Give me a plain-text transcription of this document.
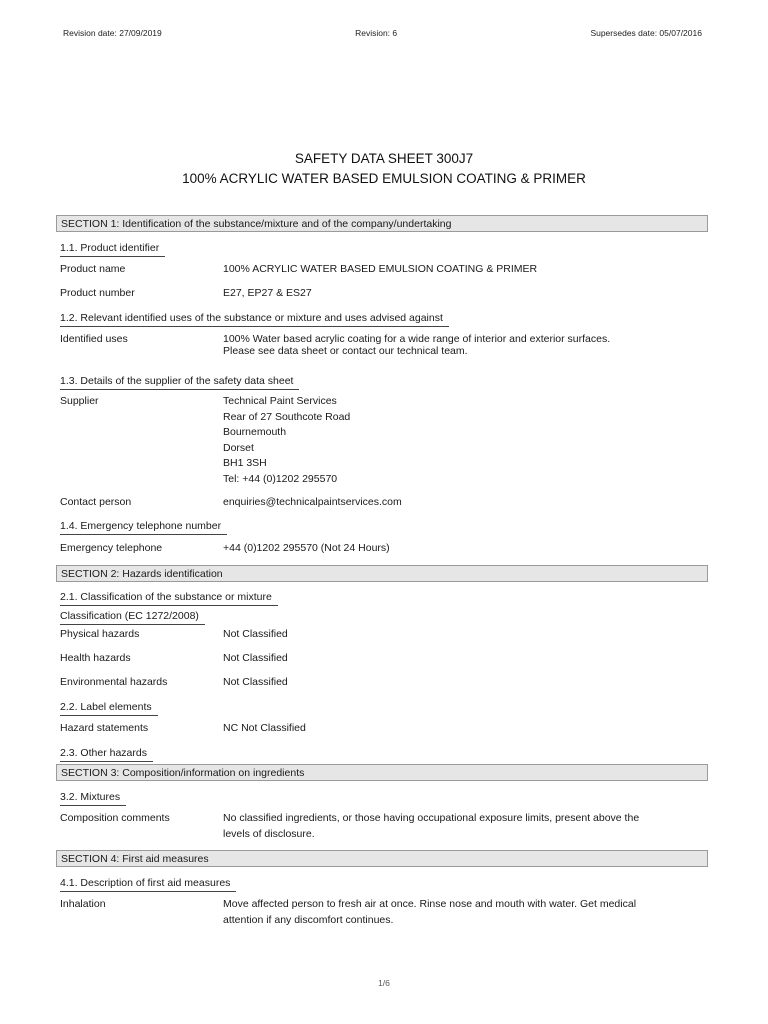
Revision date: 27/09/2019	Revision: 6	Supersedes date: 05/07/2016
SAFETY DATA SHEET 300J7
100% ACRYLIC WATER BASED EMULSION COATING & PRIMER
SECTION 1: Identification of the substance/mixture and of the company/undertaking
1.1. Product identifier
Product name	100% ACRYLIC WATER BASED EMULSION COATING & PRIMER
Product number	E27, EP27 & ES27
1.2. Relevant identified uses of the substance or mixture and uses advised against
Identified uses	100% Water based acrylic coating for a wide range of interior and exterior surfaces.
Please see data sheet or contact our technical team.
1.3. Details of the supplier of the safety data sheet
Supplier	Technical Paint Services
Rear of 27 Southcote Road
Bournemouth
Dorset
BH1 3SH
Tel: +44 (0)1202 295570
Contact person	enquiries@technicalpaintservices.com
1.4. Emergency telephone number
Emergency telephone	+44 (0)1202 295570 (Not 24 Hours)
SECTION 2: Hazards identification
2.1. Classification of the substance or mixture
Classification (EC 1272/2008)
Physical hazards	Not Classified
Health hazards	Not Classified
Environmental hazards	Not Classified
2.2. Label elements
Hazard statements	NC Not Classified
2.3. Other hazards
SECTION 3: Composition/information on ingredients
3.2. Mixtures
Composition comments	No classified ingredients, or those having occupational exposure limits, present above the
levels of disclosure.
SECTION 4: First aid measures
4.1. Description of first aid measures
Inhalation	Move affected person to fresh air at once. Rinse nose and mouth with water. Get medical
attention if any discomfort continues.
1/6
